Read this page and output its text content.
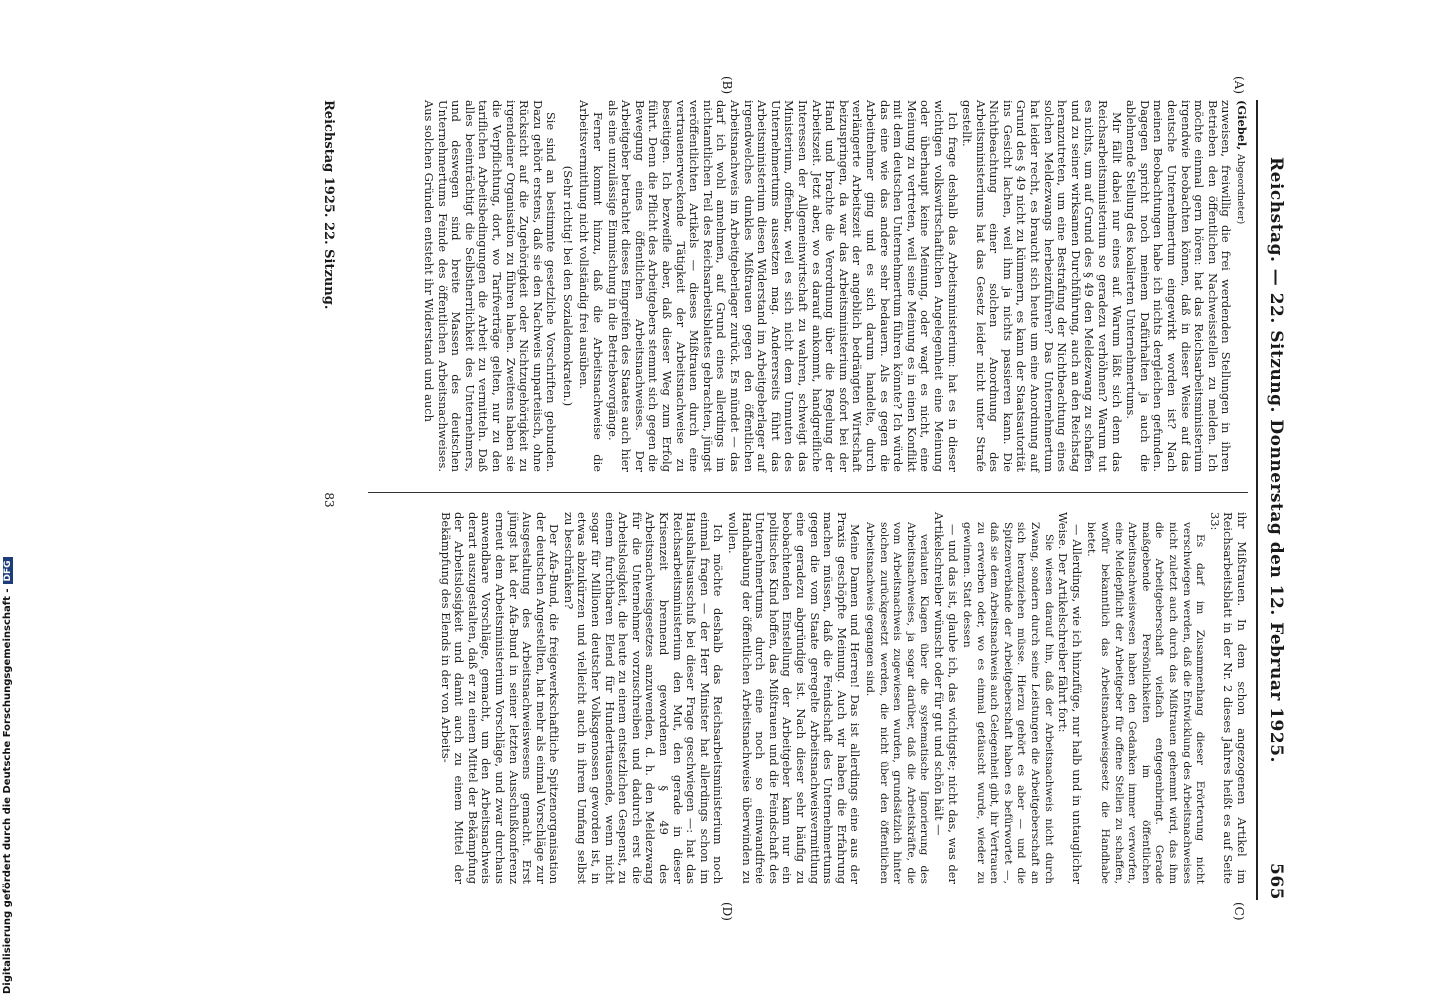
Reichstag. — 22. Sitzung. Donnerstag den 12. Februar 1925.
565
(A)
(B)
(C)
(D)

(Giebel, Abgeordneter)

zuweisen, freiwillig die frei werdenden Stellungen in ihren Betrieben den öffentlichen Nachweisstellen zu melden. Ich möchte einmal gern hören: hat das Reichsarbeitsministerium irgendwie beobachten können, daß in dieser Weise auf das deutsche Unternehmertum eingewirkt worden ist? Nach meinen Beobachtungen habe ich nichts dergleichen gefunden. Dagegen spricht noch meinem Dafürhalten ja auch die ablehnende Stellung des koalierten Unternehmertums.

Mir fällt dabei nur eines auf. Warum läßt sich denn das Reichsarbeitsministerium so geradezu verhöhnen? Warum tut es nichts, um auf Grund des § 49 den Meldezwang zu schaffen und zu seiner wirksamen Durchführung, auch an den Reichstag heranzutreten, um eine Bestrafung der Nichtbeachtung eines solchen Meldezwangs herbeizuführen? Das Unternehmertum hat leider recht, es braucht sich heute um eine Anordnung auf Grund des § 49 nicht zu kümmern, es kann der Staatsautorität ins Gesicht lachen, weil ihm ja nichts passieren kann. Die Nichtbeachtung einer solchen Anordnung des Arbeitsministeriums hat das Gesetz leider nicht unter Strafe gestellt.

Ich frage deshalb das Arbeitsministerium: hat es in dieser wichtigen volkswirtschaftlichen Angelegenheit eine Meinung oder überhaupt keine Meinung, oder wagt es nicht, eine Meinung zu vertreten, weil seine Meinung es in einen Konflikt mit dem deutschen Unternehmertum führen könnte? Ich würde das eine wie das andere sehr bedauern. Als es gegen die Arbeitnehmer ging und es sich darum handelte, durch verlängerte Arbeitszeit der angeblich bedrängten Wirtschaft beizuspringen, da war das Arbeitsministerium sofort bei der Hand und brachte die Verordnung über die Regelung der Arbeitszeit. Jetzt aber, wo es darauf ankommt, handgreifliche Interessen der Allgemeinwirtschaft zu wahren, schweigt das Ministerium, offenbar, weil es sich nicht dem Unmuten des Unternehmertums aussetzen mag. Andererseits führt das Arbeitsministerium diesen Widerstand im Arbeitgeberlager auf irgendwelches dunkles Mißtrauen gegen den öffentlichen Arbeitsnachweis im Arbeitgeberlager zurück. Es mündet — das darf ich wohl annehmen, auf Grund eines allerdings im nichtamtlichen Teil des Reichsarbeitsblattes gebrachten, jüngst veröffentlichten Artikels — dieses Mißtrauen durch eine vertrauenerweckende Tätigkeit der Arbeitsnachweise zu beseitigen. Ich bezweifle aber, daß dieser Weg zum Erfolg führt. Denn die Pflicht des Arbeitgebers stemmt sich gegen die Bewegung eines öffentlichen Arbeitsnachweises. Der Arbeitgeber betrachtet dieses Eingreifen des Staates auch hier als eine unzulässige Einmischung in die Betriebsvorgänge.

Ferner kommt hinzu, daß die Arbeitsnachweise die Arbeitsvermittlung nicht vollständig frei ausüben.

(Sehr richtig! bei den Sozialdemokraten.)

Sie sind an bestimmte gesetzliche Vorschriften gebunden. Dazu gehört erstens, daß sie den Nachweis unparteiisch, ohne Rücksicht auf die Zugehörigkeit oder Nichtzugehörigkeit zu irgendeiner Organisation zu führen haben. Zweitens haben sie die Verpflichtung, dort, wo Tarifverträge gelten, nur zu den tariflichen Arbeitsbedingungen die Arbeit zu vermitteln. Daß alles beeinträchtigt die Selbstherrlichkeit des Unternehmers, und deswegen sind breite Massen des deutschen Unternehmertums Feinde des öffentlichen Arbeitsnachweises. Aus solchen Gründen entsteht ihr Widerstand und auch

ihr Mißtrauen. In dem schon angezogenen Artikel im Reichsarbeitsblatt in der Nr. 2 dieses Jahres heißt es auf Seite 33:

Es darf im Zusammenhang dieser Erörterung nicht verschwiegen werden, daß die Entwicklung des Arbeitsnachweises nicht zuletzt auch durch das Mißtrauen gehemmt wird, das ihm die Arbeitgeberschaft vielfach entgegenbringt. Gerade maßgebende Persönlichkeiten im öffentlichen Arbeitsnachweiswesen haben den Gedanken immer verworfen, eine Meldepflicht der Arbeitgeber für offene Stellen zu schaffen, wofür bekanntlich das Arbeitsnachweisgesetz die Handhabe bietet.

— Allerdings, wie ich hinzufüge, nur halb und in untauglicher Weise. Der Artikelschreiber fährt fort:

Sie wiesen darauf hin, daß der Arbeitsnachweis nicht durch Zwang, sondern durch seine Leistungen die Arbeitgeberschaft an sich heranziehen müsse. Hierzu gehört es aber — und die Spitzenverbände der Arbeitgeberschaft haben es befürwortet —, daß sie dem Arbeitsnachweis auch Gelegenheit gibt, ihr Vertrauen zu erwerben oder, wo es einmal getäuscht wurde, wieder zu gewinnen. Statt dessen

— und das ist, glaube ich, das wichtigste; nicht das, was der Artikelschreiber wünscht oder für gut und schön hält —

verlauten Klagen über die systematische Ignorierung des Arbeitsnachweises, ja sogar darüber, daß die Arbeitskräfte, die vom Arbeitsnachweis zugewiesen wurden, grundsätzlich hinter solchen zurückgesetzt werden, die nicht über den öffentlichen Arbeitsnachweis gegangen sind.

Meine Damen und Herren! Das ist allerdings eine aus der Praxis geschöpfte Meinung. Auch wir haben die Erfahrung machen müssen, daß die Feindschaft des Unternehmertums gegen die vom Staate geregelte Arbeitsnachweisvermittlung eine geradezu abgründige ist. Nach dieser sehr häufig zu beobachtenden Einstellung der Arbeitgeber kann nur ein politisches Kind hoffen, das Mißtrauen und die Feindschaft des Unternehmertums durch eine noch so einwandfreie Handhabung der öffentlichen Arbeitsnachweise überwinden zu wollen.

Ich möchte deshalb das Reichsarbeitsministerium noch einmal fragen — der Herr Minister hat allerdings schon im Haushaltsausschuß bei dieser Frage geschwiegen —: hat das Reichsarbeitsministerium den Mut, den gerade in dieser Krisenzeit brennend gewordenen § 49 des Arbeitsnachweisgesetzes anzuwenden, d. h. den Meldezwang für die Unternehmer vorzuschreiben und dadurch erst die Arbeitslosigkeit, die heute zu einem entsetzlichen Gespenst, zu einem furchtbaren Elend für Hunderttausende, wenn nicht sogar für Millionen deutscher Volksgenossen geworden ist, in etwas abzukürzen und vielleicht auch in ihrem Umfang selbst zu beschränken?

Der Afa-Bund, die freigewerkschaftliche Spitzenorganisation der deutschen Angestellten, hat mehr als einmal Vorschläge zur Ausgestaltung des Arbeitsnachweiswesens gemacht. Erst jüngst hat der Afa-Bund in seiner letzten Ausschußkonferenz erneut dem Arbeitsministerium Vorschläge, und zwar durchaus anwendbare Vorschläge, gemacht, um den Arbeitsnachweis derart auszugestalten, daß er zu einem Mittel der Bekämpfung der Arbeitslosigkeit und damit auch zu einem Mittel der Bekämpfung des Elends in der von Arbeits-

Reichstag 1925. 22. Sitzung.
83
Digitalisierung gefördert durch die Deutsche Forschungsgemeinschaft -DFG
